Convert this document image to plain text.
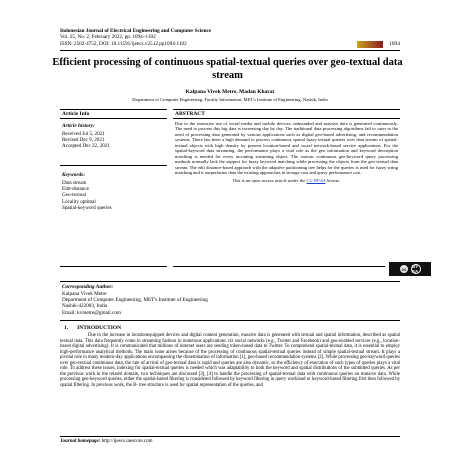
Indonesian Journal of Electrical Engineering and Computer Science
Vol. 25, No. 2, February 2022, pp. 1094~1102
ISSN: 2502-4752, DOI: 10.11591/ijeecs.v25.i2.pp1094-1102	1094
Efficient processing of continuous spatial-textual queries over geo-textual data stream
Kalpana Vivek Metre, Madan Kharat
Department of Computer Engineering, Faculty Information, MET's Institute of Engineering, Nashik, India
Article Info
Article history:
Received Jul 5, 2021
Revised Dec 9, 2021
Accepted Dec 22, 2021
Keywords:
Data stream
Edit-distance
Geo-textual
Locality optimal
Spatial-keyword queries
ABSTRACT
Due to the extensive use of social media and mobile devices, unbounded and massive data is generated continuously. The need to process this big data is increasing day by day. The traditional data processing algorithms fail to cater to the need of processing data generated by various applications such as digital geo-based advertising, and recommendation systems. There has been a high demand to process continuous spatial fuzzy textual queries over data stream of spatial-textual objects with high density by present location-based and social network-based service applications. For the spatial-keyword data streaming, the performance plays a vital role as the geo information and keyword description matching is needed for every incoming streaming object. The various continuous geo-keyword query processing methods normally lack the support for fuzzy keyword matching while processing the objects from the geo-textual data stream. The edit distance-based approach with the adaptive partitioning tree helps for the queries is used for fuzzy string matching and it outperforms than the existing approaches in storage cost and query performance cost.
This is an open access article under the CC BY-SA license.
cc	BY SA
Corresponding Author:
Kalpana Vivek Metre
Department of Computer Engineering, MET's Institute of Engineering
Nashik-422003, India
Email: kvmetre@gmail.com
1. INTRODUCTION
Due to the increase in locationequipped devices and digital content generation, massive data is generated with textual and spatial information, described as spatial textual data. This data frequently come in streaming fashion in numerous applications viz social networks (e.g., Twitter and Facebook) and geo-enabled services (e.g., location-based digital advertising). It is communicated that millions of internet users are sending token-based data to Twitter. To comprehend spatial-textual data, it is essential to employ high-performance analytical methods. The main issue arises because of the processing of continuous spatial-textual queries instead of simple spatial-textual stream. It plays a pivotal role in many modern-day applications encompassing the dissemination of information [1], geo-based recommendation systems [2]. While processing geo-keyword queries over geo-textual continuous data, the rate of arrival of geo-textual data is rapid and queries are also dynamic, so the efficiency of execution of such types of queries plays a vital role. To address these issues, indexing for spatial-textual queries is needed which was adaptability to both the keyword and spatial distributions of the submitted queries. As per the previous work in the related domain, two techniques are discussed [3], [4] to handle the processing of spatial-textual data with continuous queries on massive data. While processing geo-keyword queries, either the spatial-based filtering is considered followed by keyword filtering in query workload or keyword-based filtering first then followed by spatial filtering. In previous work, the R- tree structure is used for spatial representation of the queries, and
Journal homepage: http://ijeecs.iaescore.com
